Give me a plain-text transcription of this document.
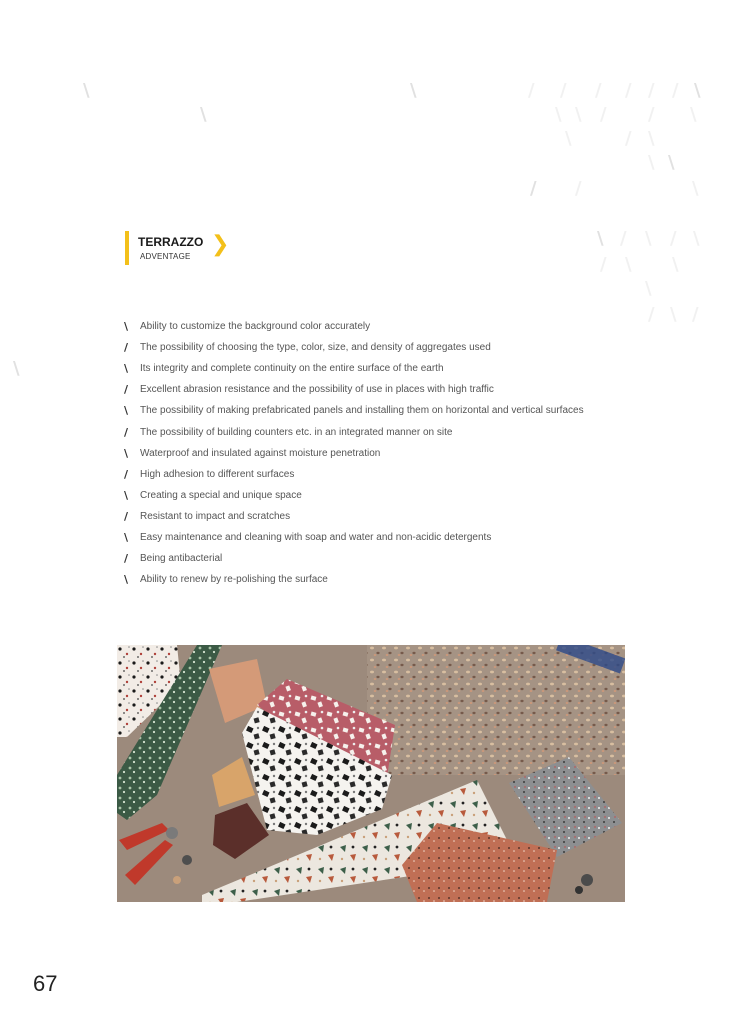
\
\
\	/ / / / / / \
\ \ / / \
\	/ \
\ \
/ /	\
\ / \ / \
/ \ \
\
/ \ /
\
TERRAZZO
ADVENTAGE ❯
\	Ability to customize the background color accurately
/	The possibility of choosing the type, color, size, and density of aggregates used
\	Its integrity and complete continuity on the entire surface of the earth
/	Excellent abrasion resistance and the possibility of use in places with high traffic
\	The possibility of making prefabricated panels and installing them on horizontal and vertical surfaces
/	The possibility of building counters etc. in an integrated manner on site
\	Waterproof and insulated against moisture penetration
/	High adhesion to different surfaces
\	Creating a special and unique space
/	Resistant to impact and scratches
\	Easy maintenance and cleaning with soap and water and non-acidic detergents
/	Being antibacterial
\	Ability to renew by re-polishing the surface
67
